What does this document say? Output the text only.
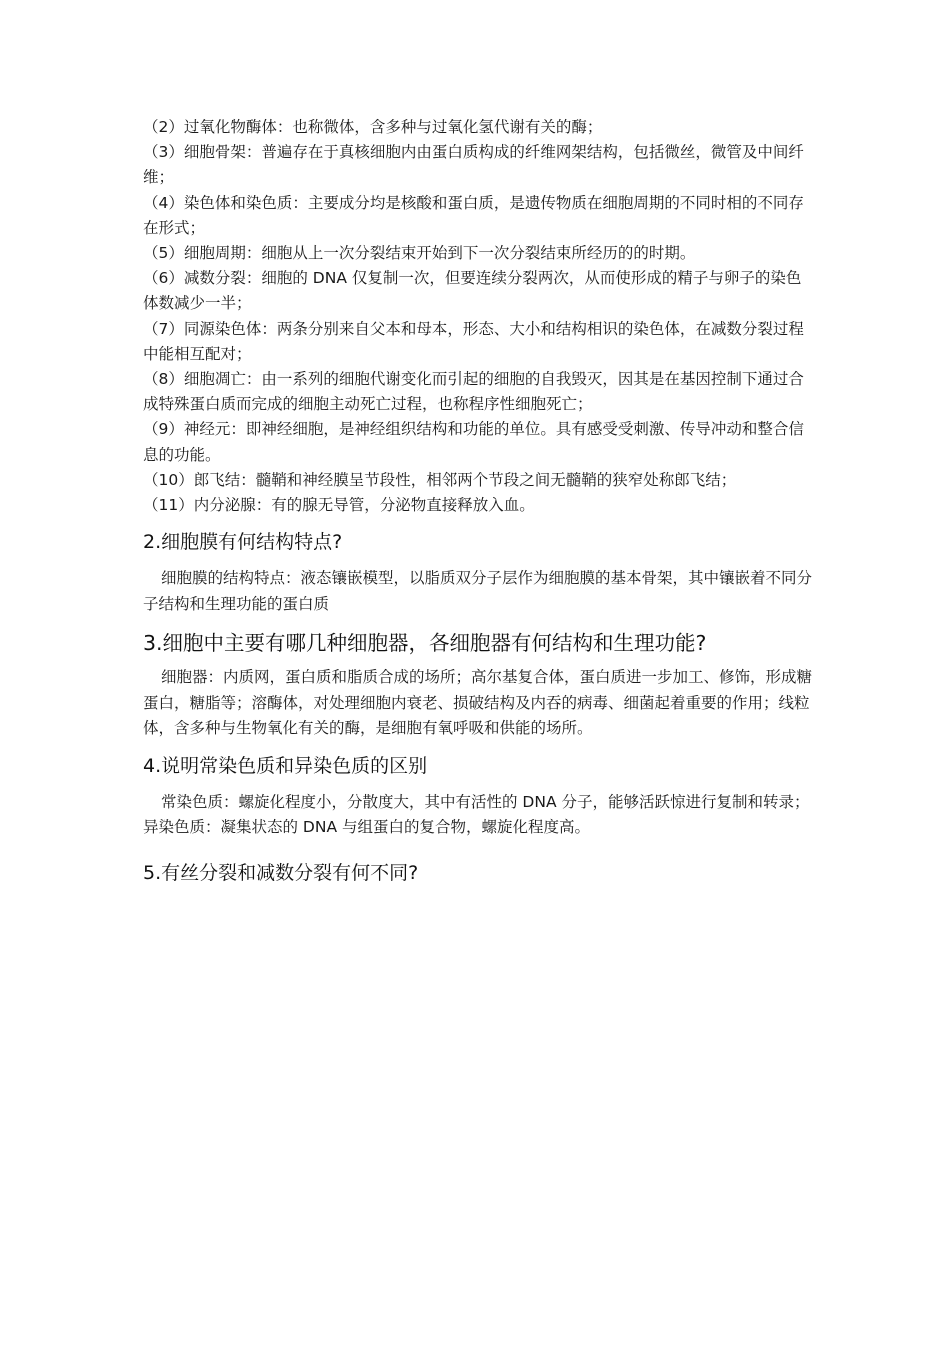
（2）过氧化物酶体：也称微体，含多种与过氧化氢代谢有关的酶；

（3）细胞骨架：普遍存在于真核细胞内由蛋白质构成的纤维网架结构，包括微丝，微管及中间纤维；

（4）染色体和染色质：主要成分均是核酸和蛋白质，是遗传物质在细胞周期的不同时相的不同存在形式；

（5）细胞周期：细胞从上一次分裂结束开始到下一次分裂结束所经历的的时期。

（6）减数分裂：细胞的 DNA 仅复制一次，但要连续分裂两次，从而使形成的精子与卵子的染色体数减少一半；

（7）同源染色体：两条分别来自父本和母本，形态、大小和结构相识的染色体，在减数分裂过程中能相互配对；

（8）细胞凋亡：由一系列的细胞代谢变化而引起的细胞的自我毁灭，因其是在基因控制下通过合成特殊蛋白质而完成的细胞主动死亡过程，也称程序性细胞死亡；

（9）神经元：即神经细胞，是神经组织结构和功能的单位。具有感受受刺激、传导冲动和整合信息的功能。

（10）郎飞结：髓鞘和神经膜呈节段性，相邻两个节段之间无髓鞘的狭窄处称郎飞结；

（11）内分泌腺：有的腺无导管，分泌物直接释放入血。

2.细胞膜有何结构特点?

细胞膜的结构特点：液态镶嵌模型，以脂质双分子层作为细胞膜的基本骨架，其中镶嵌着不同分子结构和生理功能的蛋白质

3.细胞中主要有哪几种细胞器，各细胞器有何结构和生理功能?

细胞器：内质网，蛋白质和脂质合成的场所；高尔基复合体，蛋白质进一步加工、修饰，形成糖蛋白，糖脂等；溶酶体，对处理细胞内衰老、损破结构及内吞的病毒、细菌起着重要的作用；线粒体，含多种与生物氧化有关的酶，是细胞有氧呼吸和供能的场所。

4.说明常染色质和异染色质的区别

常染色质：螺旋化程度小，分散度大，其中有活性的 DNA 分子，能够活跃惊进行复制和转录；异染色质：凝集状态的 DNA 与组蛋白的复合物，螺旋化程度高。

5.有丝分裂和减数分裂有何不同?
